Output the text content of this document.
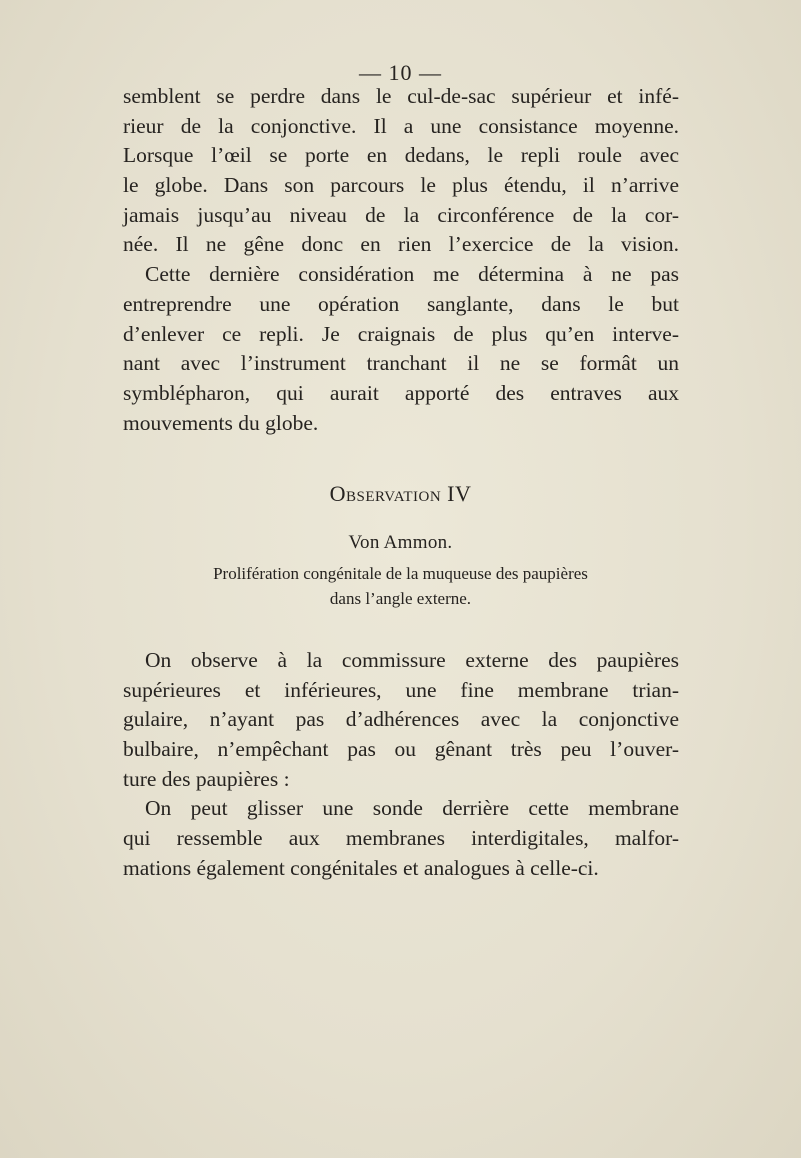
— 10 —
semblent se perdre dans le cul-de-sac supérieur et infé-
rieur de la conjonctive. Il a une consistance moyenne.
Lorsque l’œil se porte en dedans, le repli roule avec
le globe. Dans son parcours le plus étendu, il n’arrive
jamais jusqu’au niveau de la circonférence de la cor-
née. Il ne gêne donc en rien l’exercice de la vision.
Cette dernière considération me détermina à ne pas
entreprendre une opération sanglante, dans le but
d’enlever ce repli. Je craignais de plus qu’en interve-
nant avec l’instrument tranchant il ne se formât un
symblépharon, qui aurait apporté des entraves aux
mouvements du globe.
Observation IV
Von Ammon.
Prolifération congénitale de la muqueuse des paupières
dans l’angle externe.
On observe à la commissure externe des paupières
supérieures et inférieures, une fine membrane trian-
gulaire, n’ayant pas d’adhérences avec la conjonctive
bulbaire, n’empêchant pas ou gênant très peu l’ouver-
ture des paupières :
On peut glisser une sonde derrière cette membrane
qui ressemble aux membranes interdigitales, malfor-
mations également congénitales et analogues à celle-ci.
